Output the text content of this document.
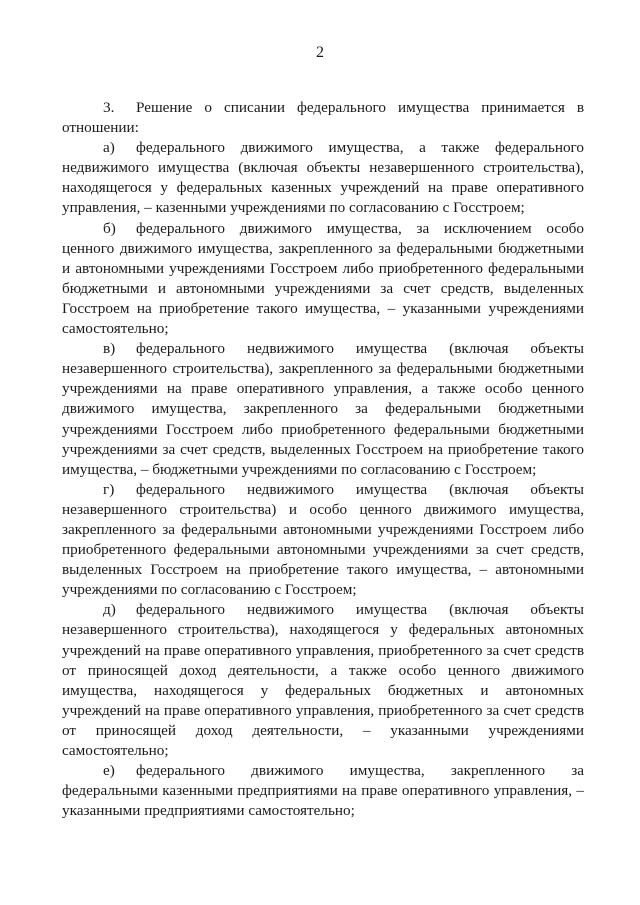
2

3. Решение о списании федерального имущества принимается в отношении:

а) федерального движимого имущества, а также федерального недвижимого имущества (включая объекты незавершенного строительства), находящегося у федеральных казенных учреждений на праве оперативного управления, – казенными учреждениями по согласованию с Госстроем;

б) федерального движимого имущества, за исключением особо ценного движимого имущества, закрепленного за федеральными бюджетными и автономными учреждениями Госстроем либо приобретенного федеральными бюджетными и автономными учреждениями за счет средств, выделенных Госстроем на приобретение такого имущества, – указанными учреждениями самостоятельно;

в) федерального недвижимого имущества (включая объекты незавершенного строительства), закрепленного за федеральными бюджетными учреждениями на праве оперативного управления, а также особо ценного движимого имущества, закрепленного за федеральными бюджетными учреждениями Госстроем либо приобретенного федеральными бюджетными учреждениями за счет средств, выделенных Госстроем на приобретение такого имущества, – бюджетными учреждениями по согласованию с Госстроем;

г) федерального недвижимого имущества (включая объекты незавершенного строительства) и особо ценного движимого имущества, закрепленного за федеральными автономными учреждениями Госстроем либо приобретенного федеральными автономными учреждениями за счет средств, выделенных Госстроем на приобретение такого имущества, – автономными учреждениями по согласованию с Госстроем;

д) федерального недвижимого имущества (включая объекты незавершенного строительства), находящегося у федеральных автономных учреждений на праве оперативного управления, приобретенного за счет средств от приносящей доход деятельности, а также особо ценного движимого имущества, находящегося у федеральных бюджетных и автономных учреждений на праве оперативного управления, приобретенного за счет средств от приносящей доход деятельности, – указанными учреждениями самостоятельно;

е) федерального движимого имущества, закрепленного за федеральными казенными предприятиями на праве оперативного управления, – указанными предприятиями самостоятельно;
